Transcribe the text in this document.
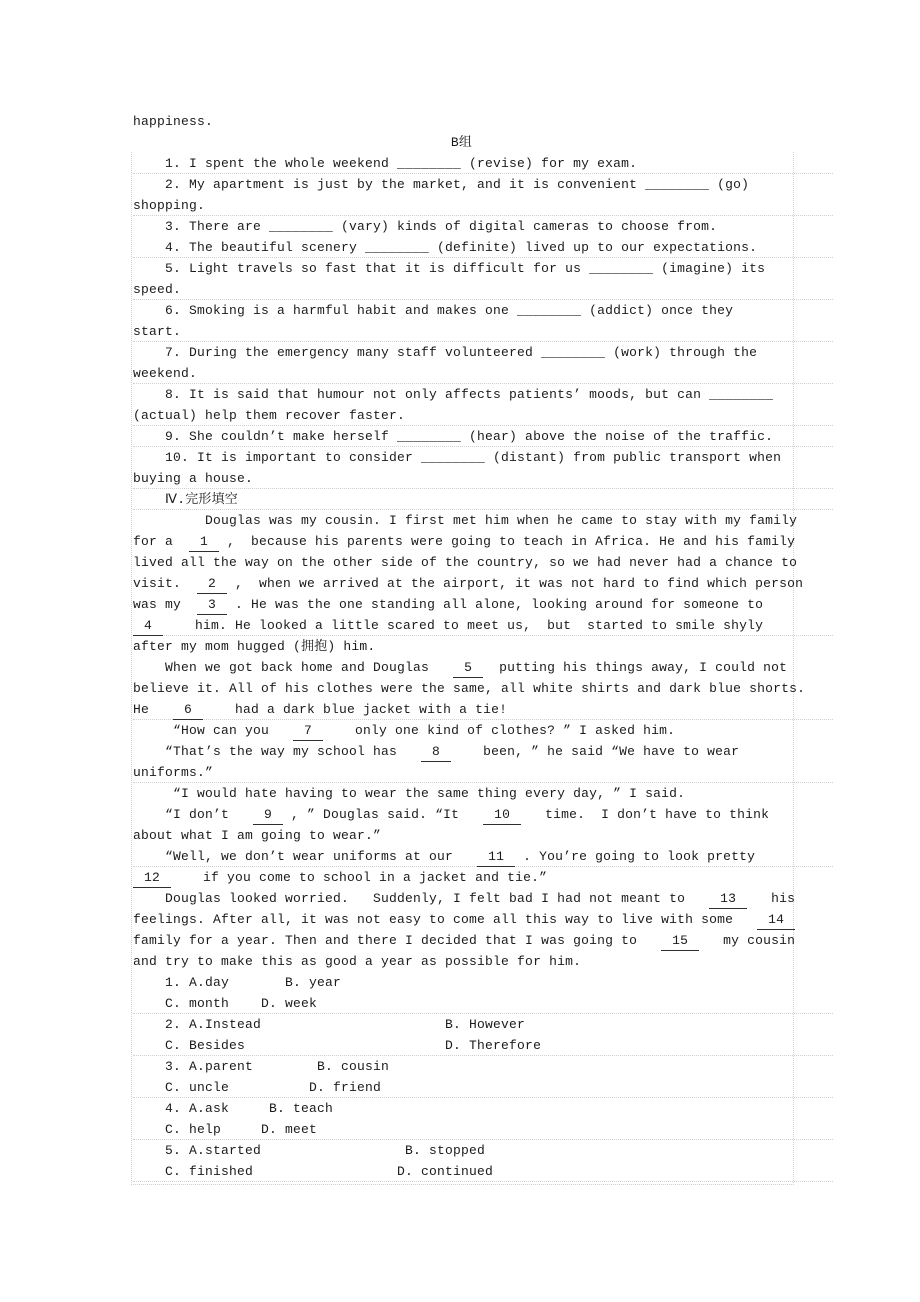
happiness.
B组
1. I spent the whole weekend ________ (revise) for my exam.
2. My apartment is just by the market, and it is convenient ________ (go)
shopping.
3. There are ________ (vary) kinds of digital cameras to choose from.
4. The beautiful scenery ________ (definite) lived up to our expectations.
5. Light travels so fast that it is difficult for us ________ (imagine) its
speed.
6. Smoking is a harmful habit and makes one ________ (addict) once they
start.
7. During the emergency many staff volunteered ________ (work) through the
weekend.
8. It is said that humour not only affects patients’ moods, but can ________
(actual) help them recover faster.
9. She couldn’t make herself ________ (hear) above the noise of the traffic.
10. It is important to consider ________ (distant) from public transport when
buying a house.
Ⅳ.完形填空
Douglas was my cousin. I first met him when he came to stay with my family
for a  1 ,  because his parents were going to teach in Africa. He and his family
lived all the way on the other side of the country, so we had never had a chance to
visit.  2 ,  when we arrived at the airport, it was not hard to find which person
was my  3 . He was the one standing all alone, looking around for someone to
4    him. He looked a little scared to meet us,  but  started to smile shyly
after my mom hugged (拥抱) him.
When we got back home and Douglas   5  putting his things away, I could not
believe it. All of his clothes were the same, all white shirts and dark blue shorts.
He   6    had a dark blue jacket with a tie!
“How can you   7    only one kind of clothes? ” I asked him.
“That’s the way my school has   8    been, ” he said “We have to wear
uniforms.”
“I would hate having to wear the same thing every day, ” I said.
“I don’t   9 , ” Douglas said. “It   10   time.  I don’t have to think
about what I am going to wear.”
“Well, we don’t wear uniforms at our   11 . You’re going to look pretty
12    if you come to school in a jacket and tie.”
Douglas looked worried.   Suddenly, I felt bad I had not meant to   13   his
feelings. After all, it was not easy to come all this way to live with some   14
family for a year. Then and there I decided that I was going to   15   my cousin
and try to make this as good a year as possible for him.
1. A.day       B. year
C. month    D. week
2. A.Instead                       B. However
C. Besides                         D. Therefore
3. A.parent        B. cousin
C. uncle          D. friend
4. A.ask     B. teach
C. help     D. meet
5. A.started                  B. stopped
C. finished                  D. continued
